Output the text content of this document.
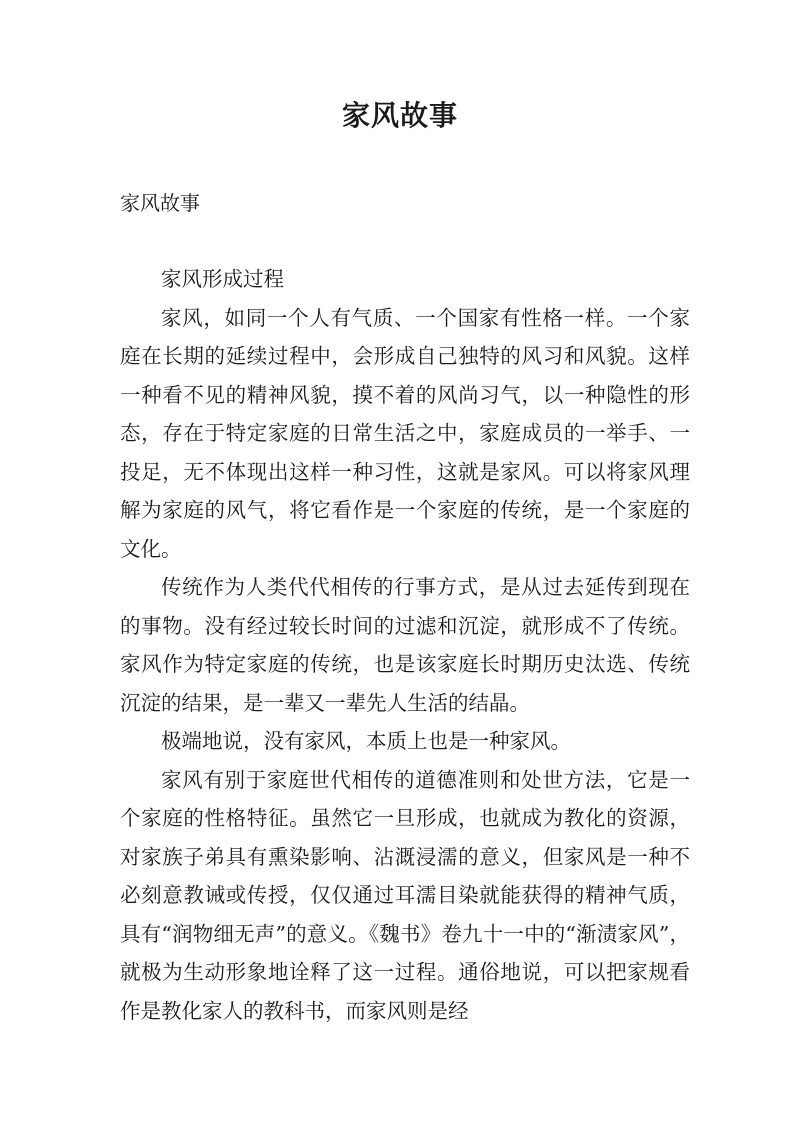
家风故事
家风故事

家风形成过程

家风，如同一个人有气质、一个国家有性格一样。一个家庭在长期的延续过程中，会形成自己独特的风习和风貌。这样一种看不见的精神风貌，摸不着的风尚习气，以一种隐性的形态，存在于特定家庭的日常生活之中，家庭成员的一举手、一投足，无不体现出这样一种习性，这就是家风。可以将家风理解为家庭的风气，将它看作是一个家庭的传统，是一个家庭的文化。

传统作为人类代代相传的行事方式，是从过去延传到现在的事物。没有经过较长时间的过滤和沉淀，就形成不了传统。家风作为特定家庭的传统，也是该家庭长时期历史汰选、传统沉淀的结果，是一辈又一辈先人生活的结晶。

极端地说，没有家风，本质上也是一种家风。

家风有别于家庭世代相传的道德准则和处世方法，它是一个家庭的性格特征。虽然它一旦形成，也就成为教化的资源，对家族子弟具有熏染影响、沾溉浸濡的意义，但家风是一种不必刻意教诫或传授，仅仅通过耳濡目染就能获得的精神气质，具有“润物细无声”的意义。《魏书》卷九十一中的“渐渍家风”，就极为生动形象地诠释了这一过程。通俗地说，可以把家规看作是教化家人的教科书，而家风则是经
